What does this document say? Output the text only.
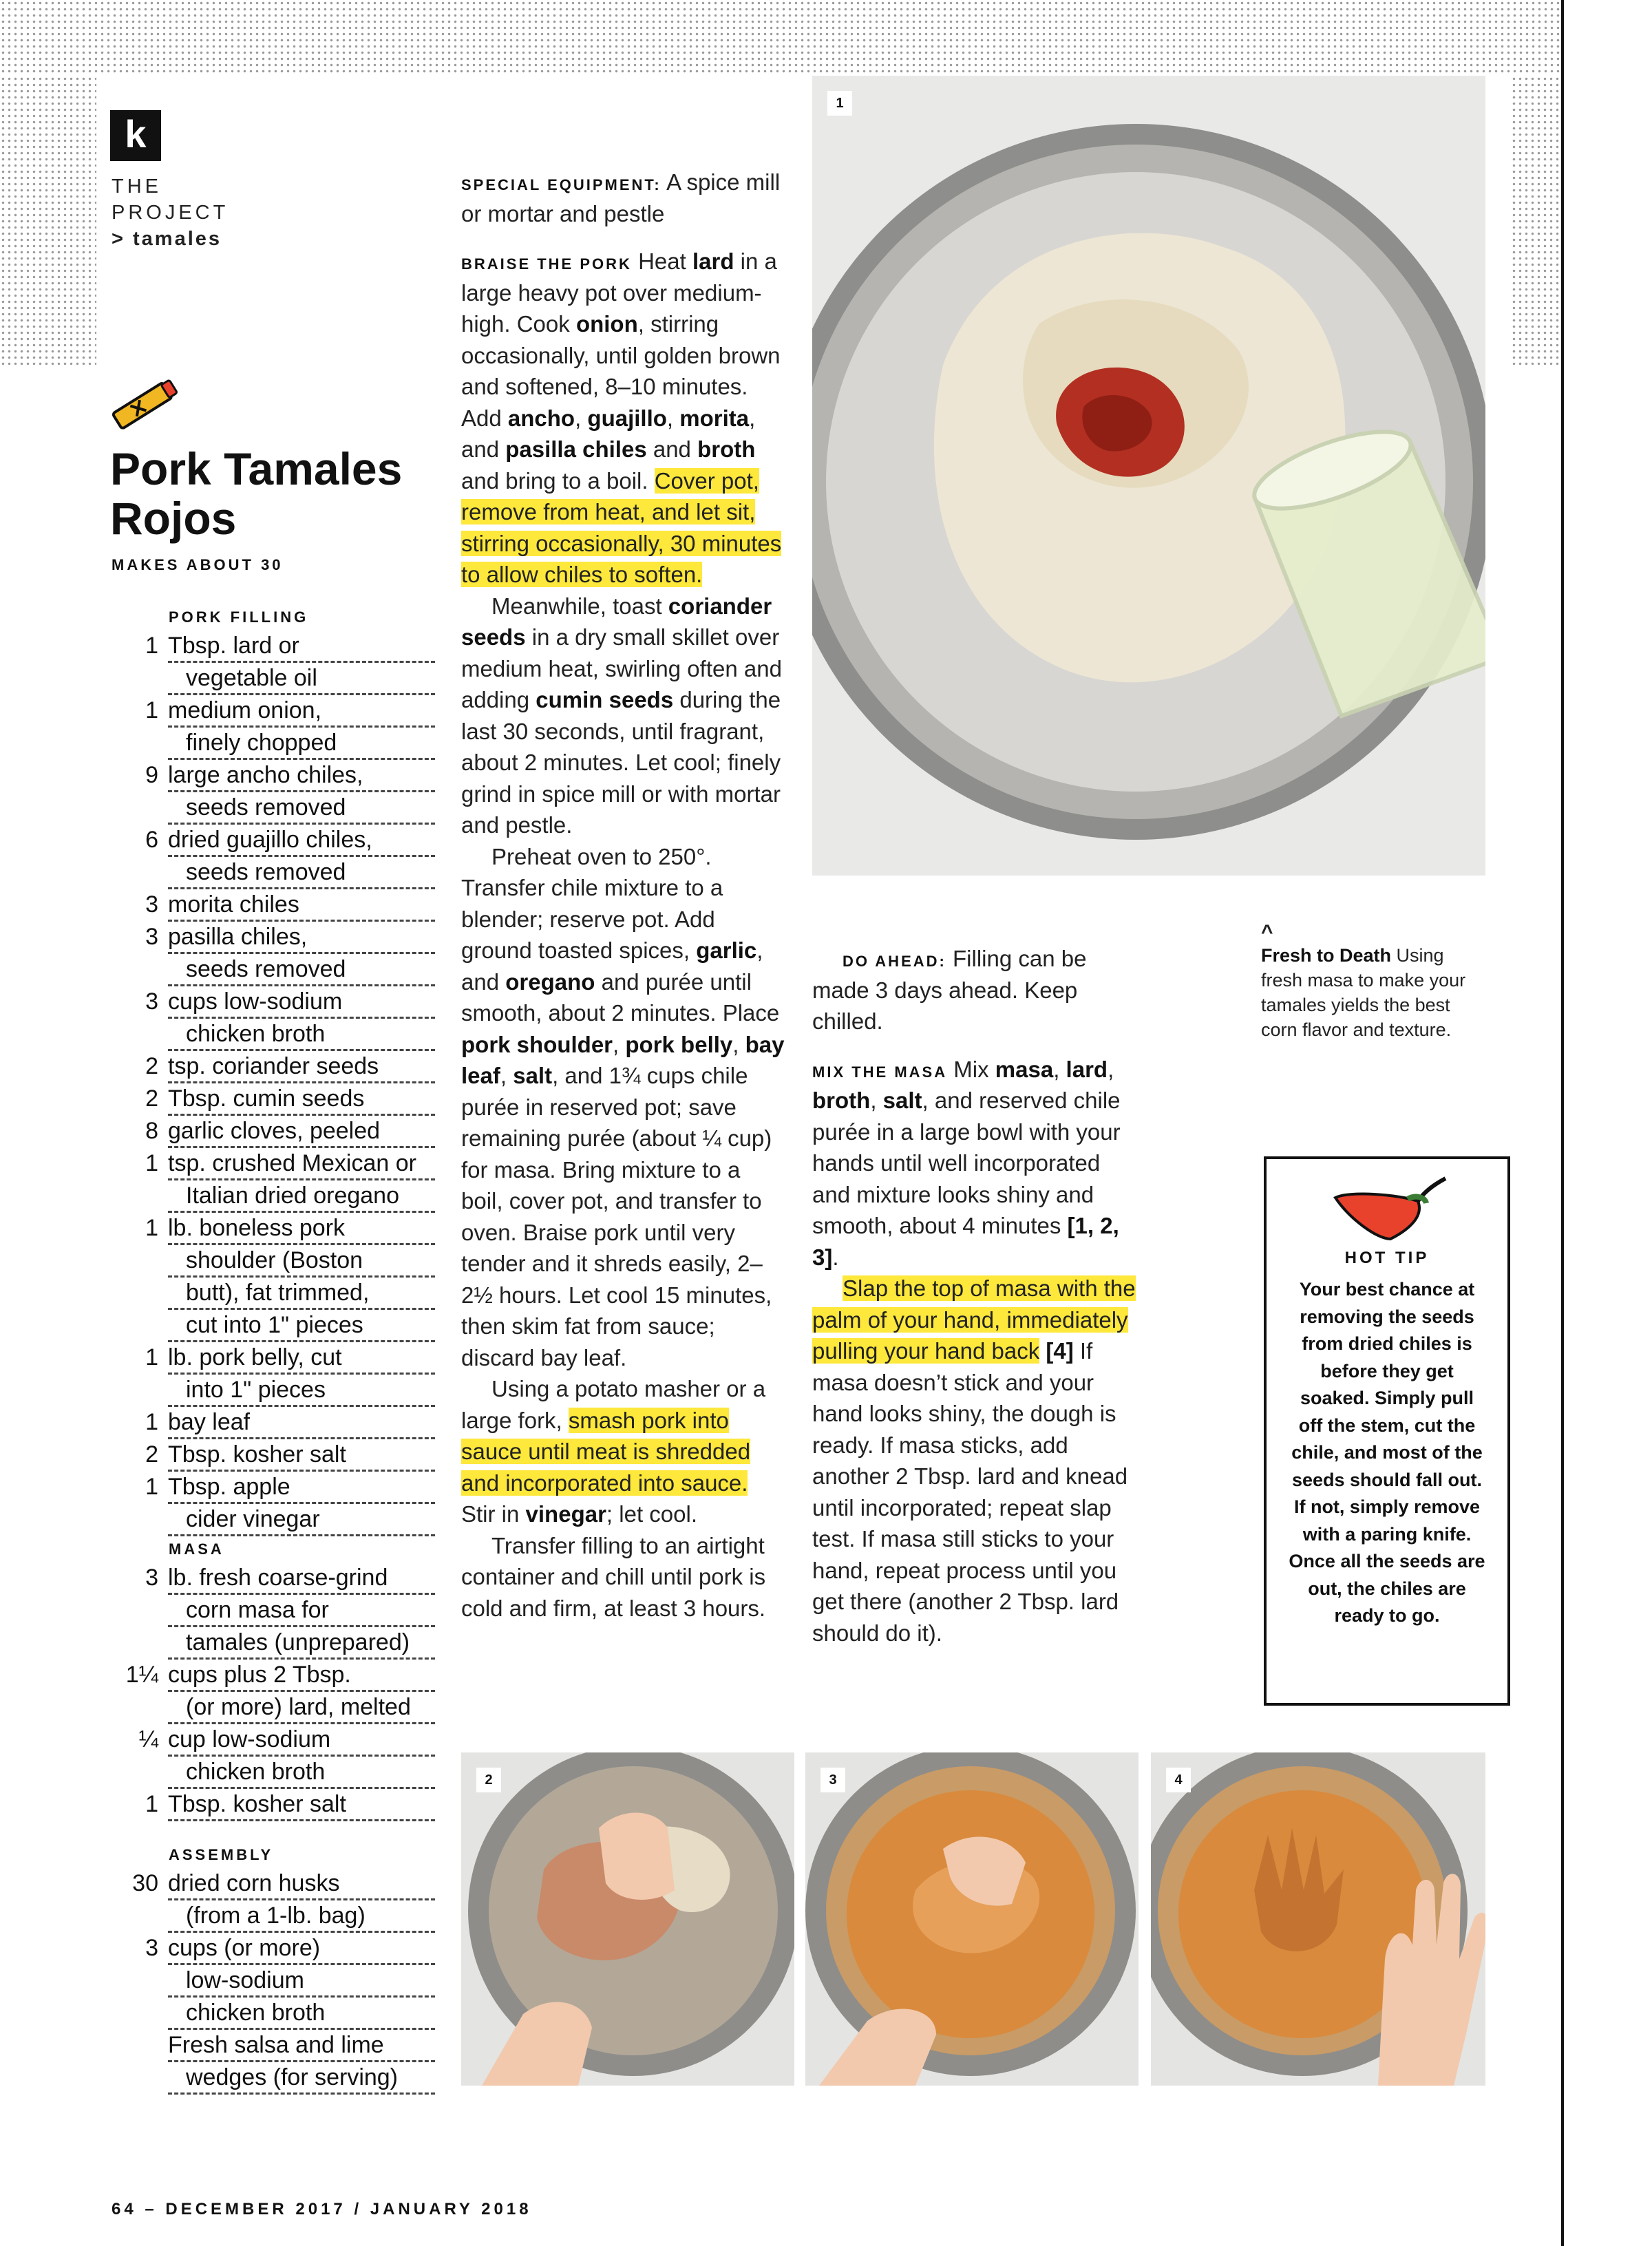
k
THE
PROJECT
> tamales
Pork Tamales
Rojos
MAKES ABOUT 30
PORK FILLING
1 Tbsp. lard or
vegetable oil
1 medium onion,
finely chopped
9 large ancho chiles,
seeds removed
6 dried guajillo chiles,
seeds removed
3 morita chiles
3 pasilla chiles,
seeds removed
3 cups low-sodium
chicken broth
2 tsp. coriander seeds
2 Tbsp. cumin seeds
8 garlic cloves, peeled
1 tsp. crushed Mexican or
Italian dried oregano
1 lb. boneless pork
shoulder (Boston
butt), fat trimmed,
cut into 1" pieces
1 lb. pork belly, cut
into 1" pieces
1 bay leaf
2 Tbsp. kosher salt
1 Tbsp. apple
cider vinegar
MASA
3 lb. fresh coarse-grind
corn masa for
tamales (unprepared)
1¼ cups plus 2 Tbsp.
(or more) lard, melted
¼ cup low-sodium
chicken broth
1 Tbsp. kosher salt
ASSEMBLY
30 dried corn husks
(from a 1-lb. bag)
3 cups (or more)
low-sodium
chicken broth
Fresh salsa and lime
wedges (for serving)

SPECIAL EQUIPMENT: A spice mill or mortar and pestle

BRAISE THE PORK Heat lard in a large heavy pot over medium-high. Cook onion, stirring occasionally, until golden brown and softened, 8–10 minutes. Add ancho, guajillo, morita, and pasilla chiles and broth and bring to a boil. Cover pot, remove from heat, and let sit, stirring occasionally, 30 minutes to allow chiles to soften.

Meanwhile, toast coriander seeds in a dry small skillet over medium heat, swirling often and adding cumin seeds during the last 30 seconds, until fragrant, about 2 minutes. Let cool; finely grind in spice mill or with mortar and pestle.

Preheat oven to 250°. Transfer chile mixture to a blender; reserve pot. Add ground toasted spices, garlic, and oregano and purée until smooth, about 2 minutes. Place pork shoulder, pork belly, bay leaf, salt, and 1¾ cups chile purée in reserved pot; save remaining purée (about ¼ cup) for masa. Bring mixture to a boil, cover pot, and transfer to oven. Braise pork until very tender and it shreds easily, 2–2½ hours. Let cool 15 minutes, then skim fat from sauce; discard bay leaf.

Using a potato masher or a large fork, smash pork into sauce until meat is shredded and incorporated into sauce. Stir in vinegar; let cool.

Transfer filling to an airtight container and chill until pork is cold and firm, at least 3 hours.

DO AHEAD: Filling can be made 3 days ahead. Keep chilled.

MIX THE MASA Mix masa, lard, broth, salt, and reserved chile purée in a large bowl with your hands until well incorporated and mixture looks shiny and smooth, about 4 minutes [1, 2, 3].

Slap the top of masa with the palm of your hand, immediately pulling your hand back [4] If masa doesn’t stick and your hand looks shiny, the dough is ready. If masa sticks, add another 2 Tbsp. lard and knead until incorporated; repeat slap test. If masa still sticks to your hand, repeat process until you get there (another 2 Tbsp. lard should do it).

1
^
Fresh to Death Using fresh masa to make your tamales yields the best corn flavor and texture.
HOT TIP
Your best chance at removing the seeds from dried chiles is before they get soaked. Simply pull off the stem, cut the chile, and most of the seeds should fall out. If not, simply remove with a paring knife. Once all the seeds are out, the chiles are ready to go.
2	3	4
64 – DECEMBER 2017 / JANUARY 2018
